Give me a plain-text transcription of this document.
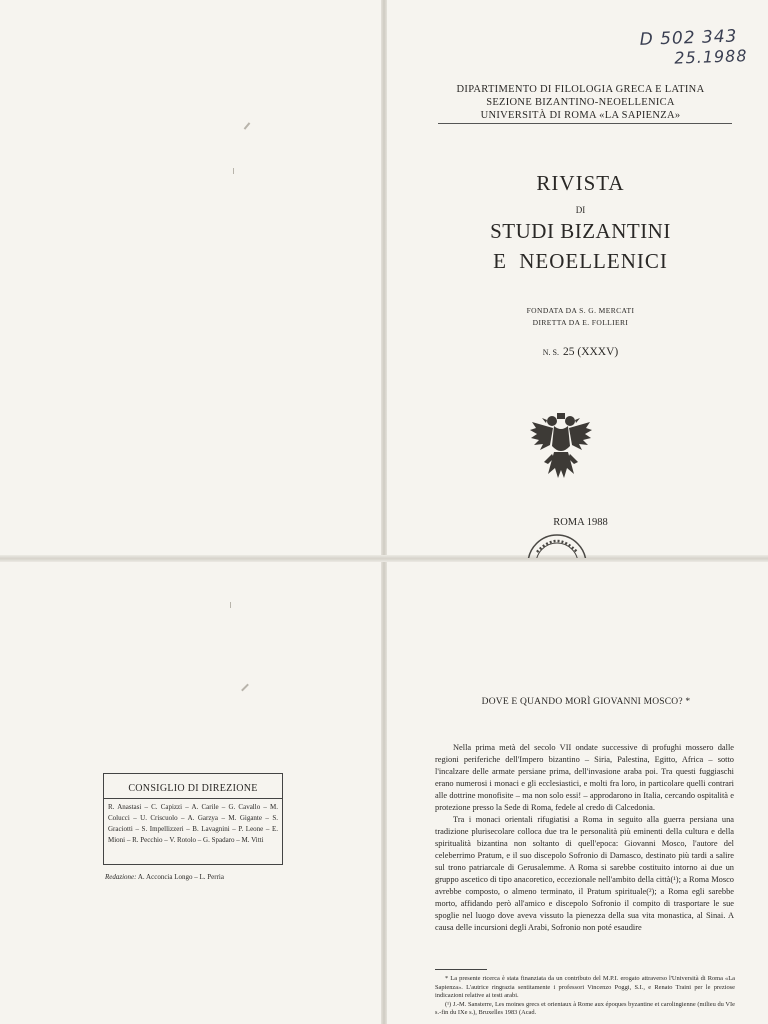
D 502 343
25.1988
DIPARTIMENTO DI FILOLOGIA GRECA E LATINA
SEZIONE BIZANTINO-NEOELLENICA
UNIVERSITÀ DI ROMA «LA SAPIENZA»
RIVISTA
DI
STUDI BIZANTINI
E NEOELLENICI
FONDATA DA S. G. MERCATI
DIRETTA DA E. FOLLIERI
N. S. 25 (XXXV)
ROMA 1988
CONSIGLIO DI DIREZIONE
R. Anastasi – C. Capizzi – A. Carile – G. Cavallo – M. Colucci – U. Criscuolo – A. Garzya – M. Gigante – S. Graciotti – S. Impellizzeri – B. Lavagnini – P. Leone – E. Mioni – R. Pecchio – V. Rotolo – G. Spadaro – M. Vitti
Redazione: A. Acconcia Longo – L. Perria
DOVE E QUANDO MORÌ GIOVANNI MOSCO? *

Nella prima metà del secolo VII ondate successive di profughi mossero dalle regioni periferiche dell'Impero bizantino – Siria, Palestina, Egitto, Africa – sotto l'incalzare delle armate persiane prima, dell'invasione araba poi. Tra questi fuggiaschi erano numerosi i monaci e gli ecclesiastici, e molti fra loro, in particolare quelli contrari alle dottrine monofisite – ma non solo essi! – approdarono in Italia, cercando ospitalità e protezione presso la Sede di Roma, fedele al credo di Calcedonia.

Tra i monaci orientali rifugiatisi a Roma in seguito alla guerra persiana una tradizione plurisecolare colloca due tra le personalità più eminenti della cultura e della spiritualità bizantina non soltanto di quell'epoca: Giovanni Mosco, l'autore del celeberrimo Pratum, e il suo discepolo Sofronio di Damasco, destinato più tardi a salire sul trono patriarcale di Gerusalemme. A Roma si sarebbe costituito intorno ai due un gruppo ascetico di tipo anacoretico, eccezionale nell'ambito della città(¹); a Roma Mosco avrebbe composto, o almeno terminato, il Pratum spirituale(²); a Roma egli sarebbe morto, affidando però all'amico e discepolo Sofronio il compito di trasportare le sue spoglie nel luogo dove aveva vissuto la pienezza della sua vita monastica, al Sinai. A causa delle incursioni degli Arabi, Sofronio non poté esaudire

* La presente ricerca è stata finanziata da un contributo del M.P.I. erogato attraverso l'Università di Roma «La Sapienza». L'autrice ringrazia sentitamente i professori Vincenzo Poggi, S.I., e Renato Traini per le preziose indicazioni relative ai testi arabi.

(¹) J.-M. Sansterre, Les moines grecs et orientaux à Rome aux époques byzantine et carolingienne (milieu du VIe s.-fin du IXe s.), Bruxelles 1983 (Acad.
